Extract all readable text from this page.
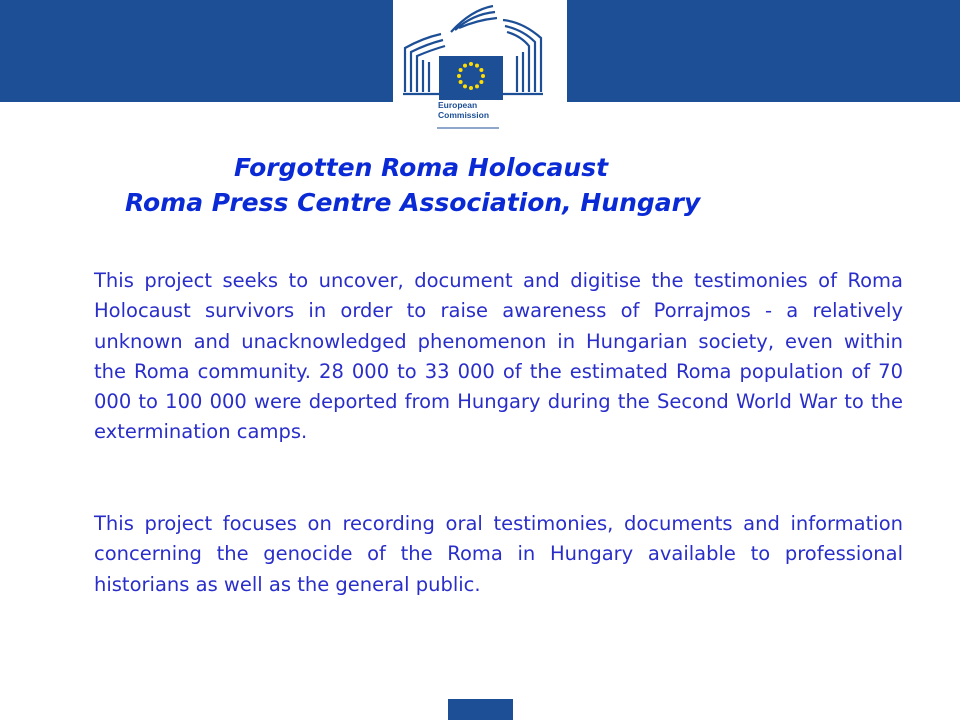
European
Commission
Forgotten Roma Holocaust
Roma Press Centre Association, Hungary
This project seeks to uncover, document and digitise the testimonies of Roma Holocaust survivors in order to raise awareness of Porrajmos - a relatively unknown and unacknowledged phenomenon in Hungarian society, even within the Roma community. 28 000 to 33 000 of the estimated Roma population of 70 000 to 100 000 were deported from Hungary during the Second World War to the extermination camps.
This project focuses on recording oral testimonies, documents and information concerning the genocide of the Roma in Hungary available to professional historians as well as the general public.
